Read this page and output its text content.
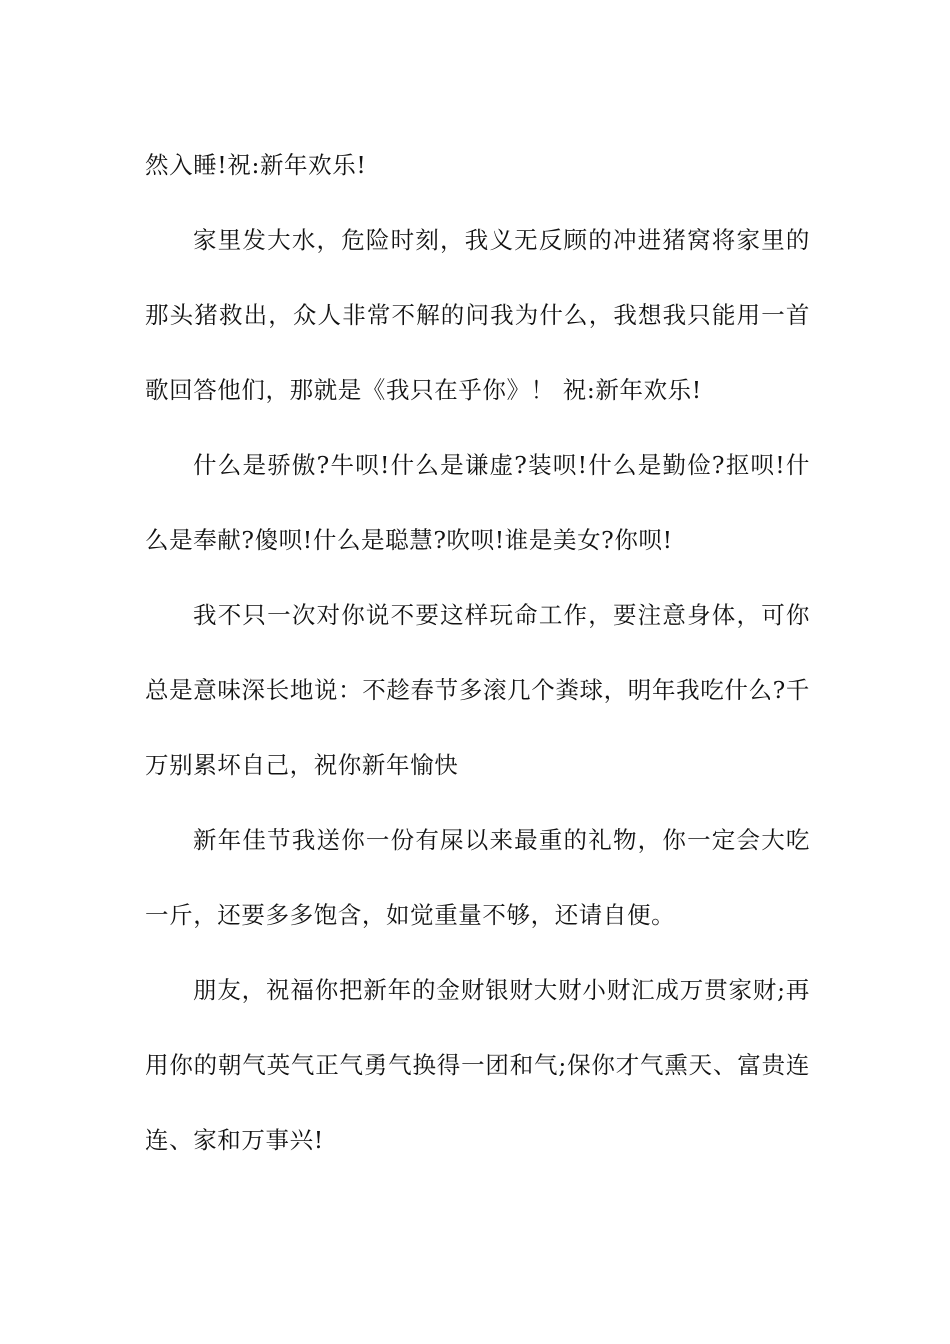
然入睡!祝:新年欢乐!

家里发大水，危险时刻，我义无反顾的冲进猪窝将家里的那头猪救出，众人非常不解的问我为什么，我想我只能用一首歌回答他们，那就是《我只在乎你》！ 祝:新年欢乐!

什么是骄傲?牛呗!什么是谦虚?装呗!什么是勤俭?抠呗!什么是奉献?傻呗!什么是聪慧?吹呗!谁是美女?你呗!

我不只一次对你说不要这样玩命工作，要注意身体，可你总是意味深长地说：不趁春节多滚几个粪球，明年我吃什么?千万别累坏自己，祝你新年愉快

新年佳节我送你一份有屎以来最重的礼物，你一定会大吃一斤，还要多多饱含，如觉重量不够，还请自便。

朋友，祝福你把新年的金财银财大财小财汇成万贯家财;再用你的朝气英气正气勇气换得一团和气;保你才气熏天、富贵连连、家和万事兴!
